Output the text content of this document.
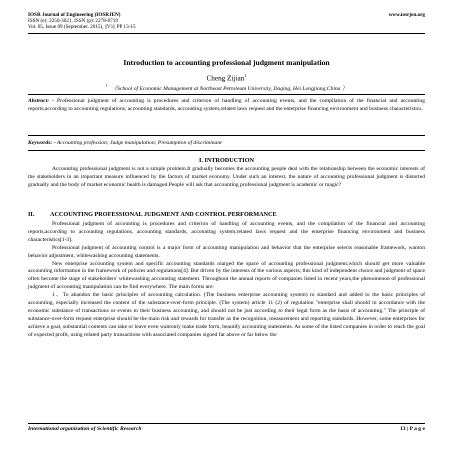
IOSR Journal of Engineering (IOSRJEN)	www.iosrjen.org
ISSN (e): 2250-3021, ISSN (p): 2278-8719
Vol. 05, Issue 09 (September. 2015), ||V1|| PP 13-15
Introduction to accounting professional judgment manipulation
Cheng Zijian$^1$
$^1$（School of Economic Management at Northeast Petroleum University, Daqing, Hei Longjiang,China ）
Abstract: - Professional judgment of accounting is procedures and criterion of handling of accounting events, and the compilation of the financial and accounting reports,according to accounting regulations, accounting standards, accounting system,related laws request and the enterprise financing environment and business characteristics.
Keywords: - Accounting profession; Judge manipulation; Presumption of discriminant
I. INTRODUCTION

Accounting professional judgment is not a simple problem.It gradually becomes the accounting people deal with the relationship between the economic interests of the stakeholders in an important measure influenced by the factors of market economy. Under such an interest, the nature of accounting professional judgment is distorted gradually and the body of market economic health is damaged.People will ask that accounting professional judgment is academic or magic?

II.	ACCOUNTING PROFESSIONAL JUDGMENT AND CONTROL PERFORMANCE

Professional judgment of accounting is procedures and criterion of handling of accounting events, and the compilation of the financial and accounting reports,according to accounting regulations, accounting standards, accounting system,related laws request and the enterprise financing environment and business characteristics[1-3].

Professional judgment of accounting control is a major form of accounting manipulation and behavior that the enterprise selects reasonable framework, wanton behavior adjustment, whitewashing accounting statements.

New enterprise accounting system and specific accounting standards nlarged the space of accounting professional judgment,which should get more valuable accounting information in the framework of policies and regulations[4]. But driven by the interests of the various aspects, this kind of independent choice and judgment of space often become the stage of stakeholders' whitewashing accounting statement. Throughout the annual reports of companies listed in recent years,the phenomenon of professional judgment of accounting manipulation can be find everywhere. The main forms are:

1、To abandon the basic principles of accounting calculation. (The business enterprise accounting system) to standard and added to the basic principles of accounting, especially increased the content of the substance-over-form principle. (The system) article 11 (2) of regulation "enterprise shall should in accordance with the economic substance of transactions or events to their business accounting, and should not be just according to their legal form as the basis of accounting." The principle of substance-over-form request enterprise should be the main risk and rewards for transfer as the recognition, measurement and reporting standards. However, some enterprises for achieve a goal, substantial contents can take or leave even wantonly make trade form, beautify accounting statements. As some of the listed companies in order to reach the goal of expected profit, using related party transactions with associated companies signed far above or far below the

International organization of Scientific Research	13 | P a g e
